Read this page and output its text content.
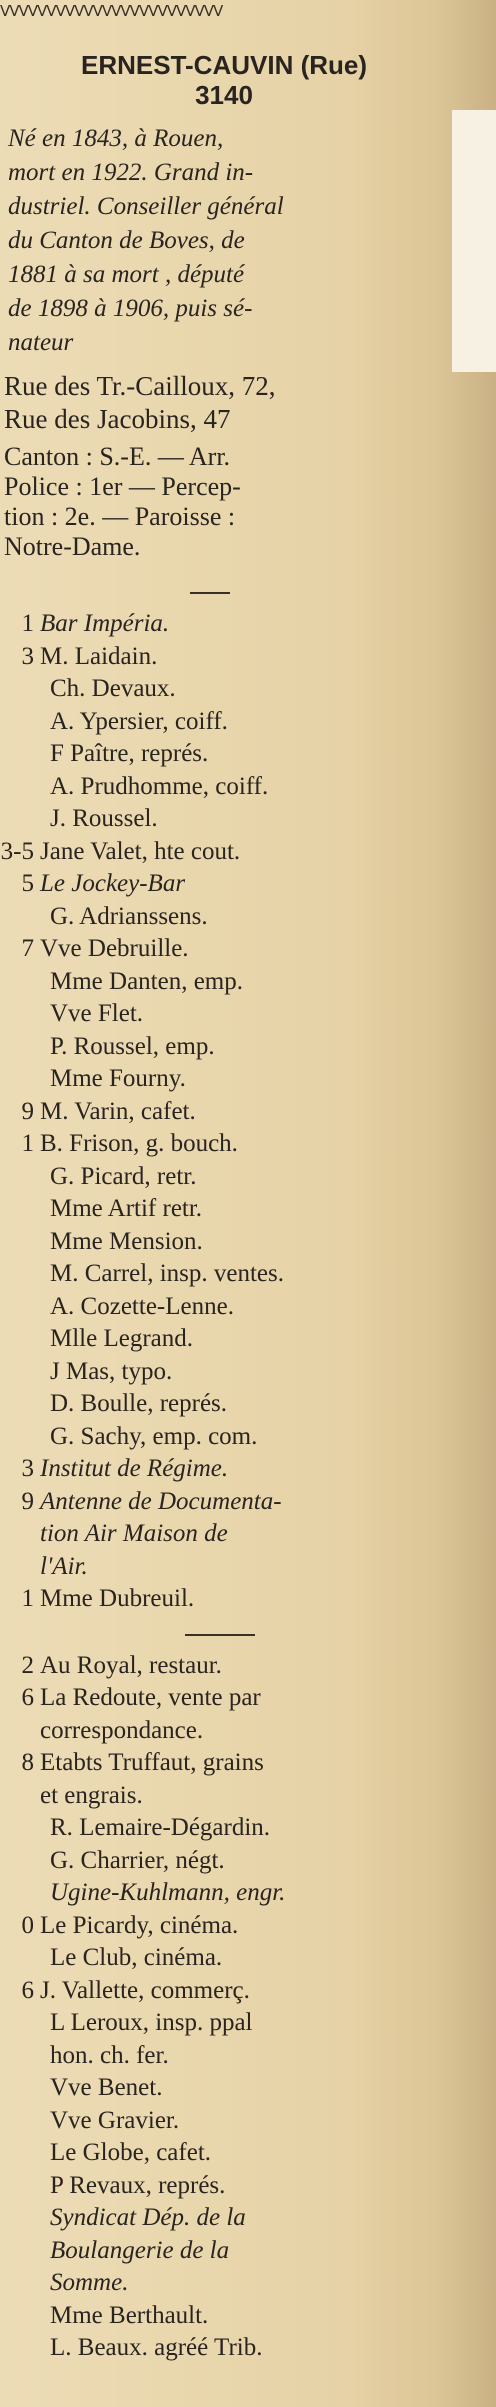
VVVVVVVVVVVVVVVVVVVVVVVV
ERNEST-CAUVIN (Rue)
3140
Né en 1843, à Rouen,
mort en 1922. Grand in-
dustriel. Conseiller général
du Canton de Boves, de
1881 à sa mort , député
de 1898 à 1906, puis sé-
nateur
Rue des Tr.-Cailloux, 72,
Rue des Jacobins, 47
Canton : S.-E. — Arr.
Police : 1er — Percep-
tion : 2e. — Paroisse :
Notre-Dame.
1 Bar Impéria.
3 M. Laidain.
Ch. Devaux.
A. Ypersier, coiff.
F Paître, représ.
A. Prudhomme, coiff.
J. Roussel.
3-5 Jane Valet, hte cout.
5 Le Jockey-Bar
G. Adrianssens.
7 Vve Debruille.
Mme Danten, emp.
Vve Flet.
P. Roussel, emp.
Mme Fourny.
9 M. Varin, cafet.
1 B. Frison, g. bouch.
G. Picard, retr.
Mme Artif retr.
Mme Mension.
M. Carrel, insp. ventes.
A. Cozette-Lenne.
Mlle Legrand.
J Mas, typo.
D. Boulle, représ.
G. Sachy, emp. com.
3 Institut de Régime.
9 Antenne de Documenta-
tion Air Maison de
l'Air.
1 Mme Dubreuil.
2 Au Royal, restaur.
6 La Redoute, vente par
correspondance.
8 Etabts Truffaut, grains
et engrais.
R. Lemaire-Dégardin.
G. Charrier, négt.
Ugine-Kuhlmann, engr.
0 Le Picardy, cinéma.
Le Club, cinéma.
6 J. Vallette, commerç.
L Leroux, insp. ppal
hon. ch. fer.
Vve Benet.
Vve Gravier.
Le Globe, cafet.
P Revaux, représ.
Syndicat Dép. de la
Boulangerie de la
Somme.
Mme Berthault.
L. Beaux. agréé Trib.
